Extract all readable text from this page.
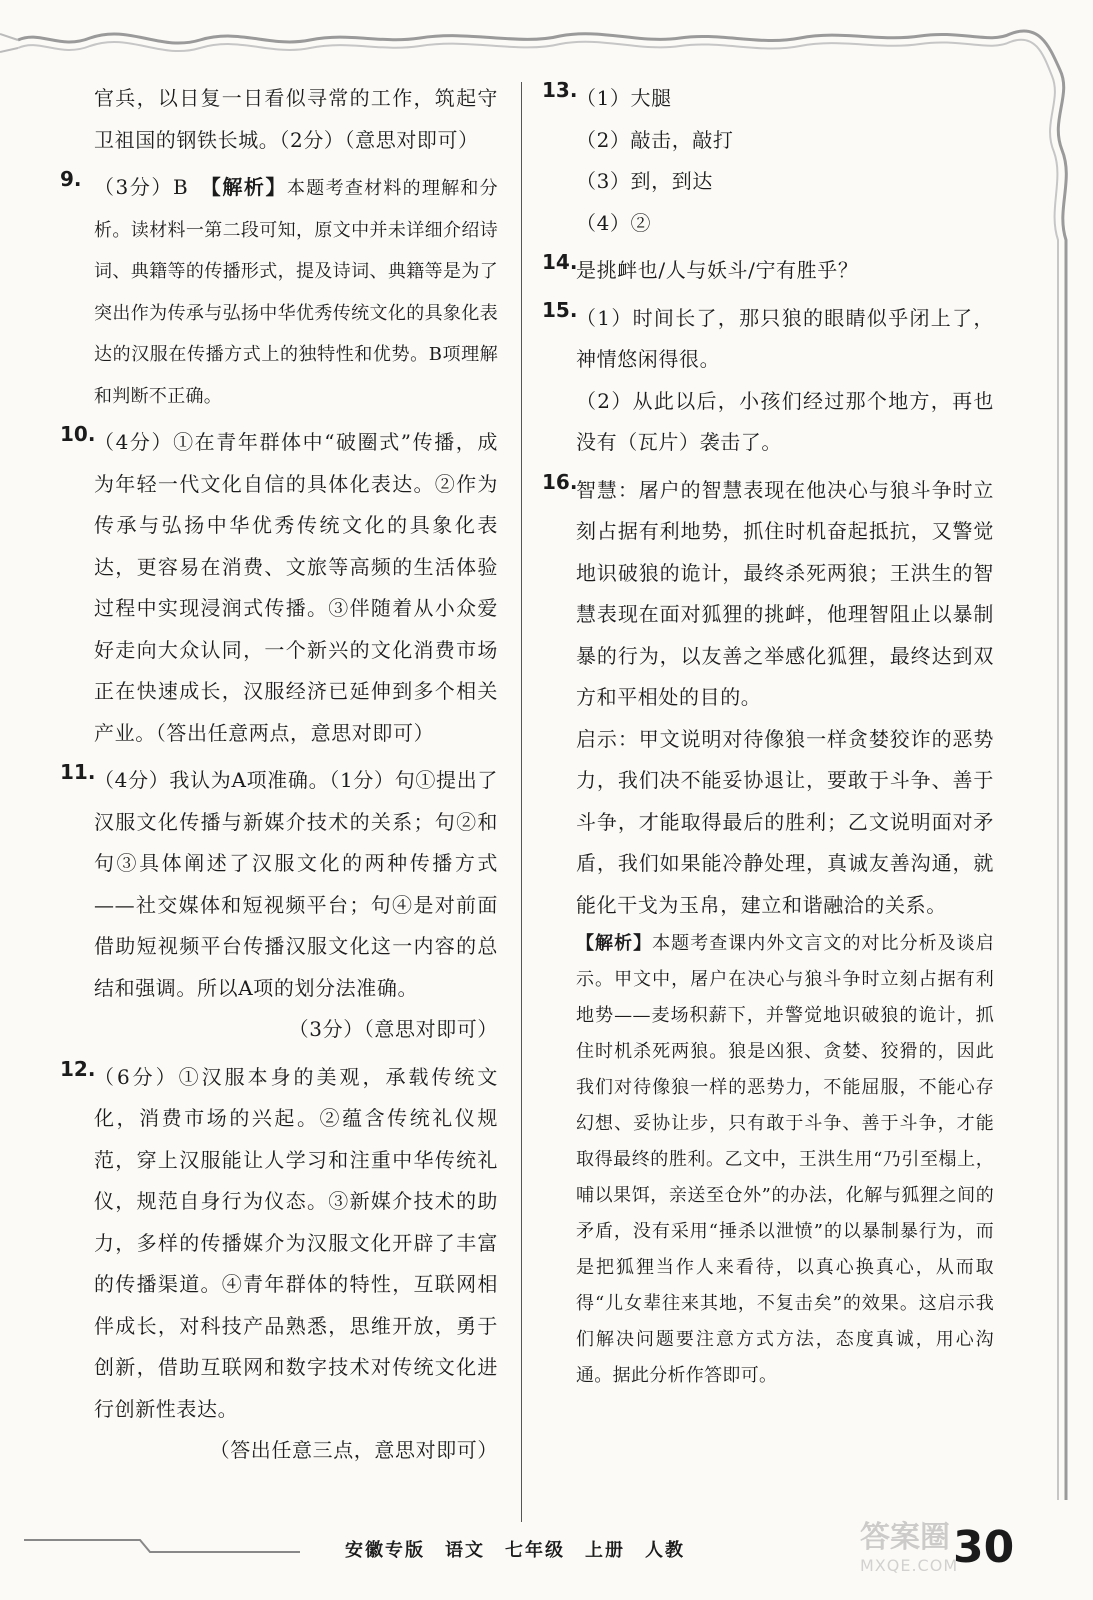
官兵，以日复一日看似寻常的工作，筑起守卫祖国的钢铁长城。（2分）（意思对即可）
9. （3分）B　【解析】本题考查材料的理解和分析。读材料一第二段可知，原文中并未详细介绍诗词、典籍等的传播形式，提及诗词、典籍等是为了突出作为传承与弘扬中华优秀传统文化的具象化表达的汉服在传播方式上的独特性和优势。B项理解和判断不正确。
10.
（4分）①在青年群体中“破圈式”传播，成为年轻一代文化自信的具体化表达。②作为传承与弘扬中华优秀传统文化的具象化表达，更容易在消费、文旅等高频的生活体验过程中实现浸润式传播。③伴随着从小众爱好走向大众认同，一个新兴的文化消费市场正在快速成长，汉服经济已延伸到多个相关产业。（答出任意两点，意思对即可）
11.
（4分）我认为A项准确。（1分）句①提出了汉服文化传播与新媒介技术的关系；句②和句③具体阐述了汉服文化的两种传播方式——社交媒体和短视频平台；句④是对前面借助短视频平台传播汉服文化这一内容的总结和强调。所以A项的划分法准确。
（3分）（意思对即可）
12.
（6分）①汉服本身的美观，承载传统文化，消费市场的兴起。②蕴含传统礼仪规范，穿上汉服能让人学习和注重中华传统礼仪，规范自身行为仪态。③新媒介技术的助力，多样的传播媒介为汉服文化开辟了丰富的传播渠道。④青年群体的特性，互联网相伴成长，对科技产品熟悉，思维开放，勇于创新，借助互联网和数字技术对传统文化进行创新性表达。
（答出任意三点，意思对即可）
13.
（1）大腿
（2）敲击，敲打
（3）到，到达
（4）②
14.
是挑衅也/人与妖斗/宁有胜乎？
15.
（1）时间长了，那只狼的眼睛似乎闭上了，神情悠闲得很。
（2）从此以后，小孩们经过那个地方，再也没有（瓦片）袭击了。
16.
智慧：屠户的智慧表现在他决心与狼斗争时立刻占据有利地势，抓住时机奋起抵抗，又警觉地识破狼的诡计，最终杀死两狼；王洪生的智慧表现在面对狐狸的挑衅，他理智阻止以暴制暴的行为，以友善之举感化狐狸，最终达到双方和平相处的目的。
启示：甲文说明对待像狼一样贪婪狡诈的恶势力，我们决不能妥协退让，要敢于斗争、善于斗争，才能取得最后的胜利；乙文说明面对矛盾，我们如果能冷静处理，真诚友善沟通，就能化干戈为玉帛，建立和谐融洽的关系。
【解析】本题考查课内外文言文的对比分析及谈启示。甲文中，屠户在决心与狼斗争时立刻占据有利地势——麦场积薪下，并警觉地识破狼的诡计，抓住时机杀死两狼。狼是凶狠、贪婪、狡猾的，因此我们对待像狼一样的恶势力，不能屈服，不能心存幻想、妥协让步，只有敢于斗争、善于斗争，才能取得最终的胜利。乙文中，王洪生用“乃引至榻上，哺以果饵，亲送至仓外”的办法，化解与狐狸之间的矛盾，没有采用“捶杀以泄愤”的以暴制暴行为，而是把狐狸当作人来看待，以真心换真心，从而取得“儿女辈往来其地，不复击矣”的效果。这启示我们解决问题要注意方式方法，态度真诚，用心沟通。据此分析作答即可。
安徽专版　语文　七年级　上册　人教	30
答案圈
MXQE.COM
